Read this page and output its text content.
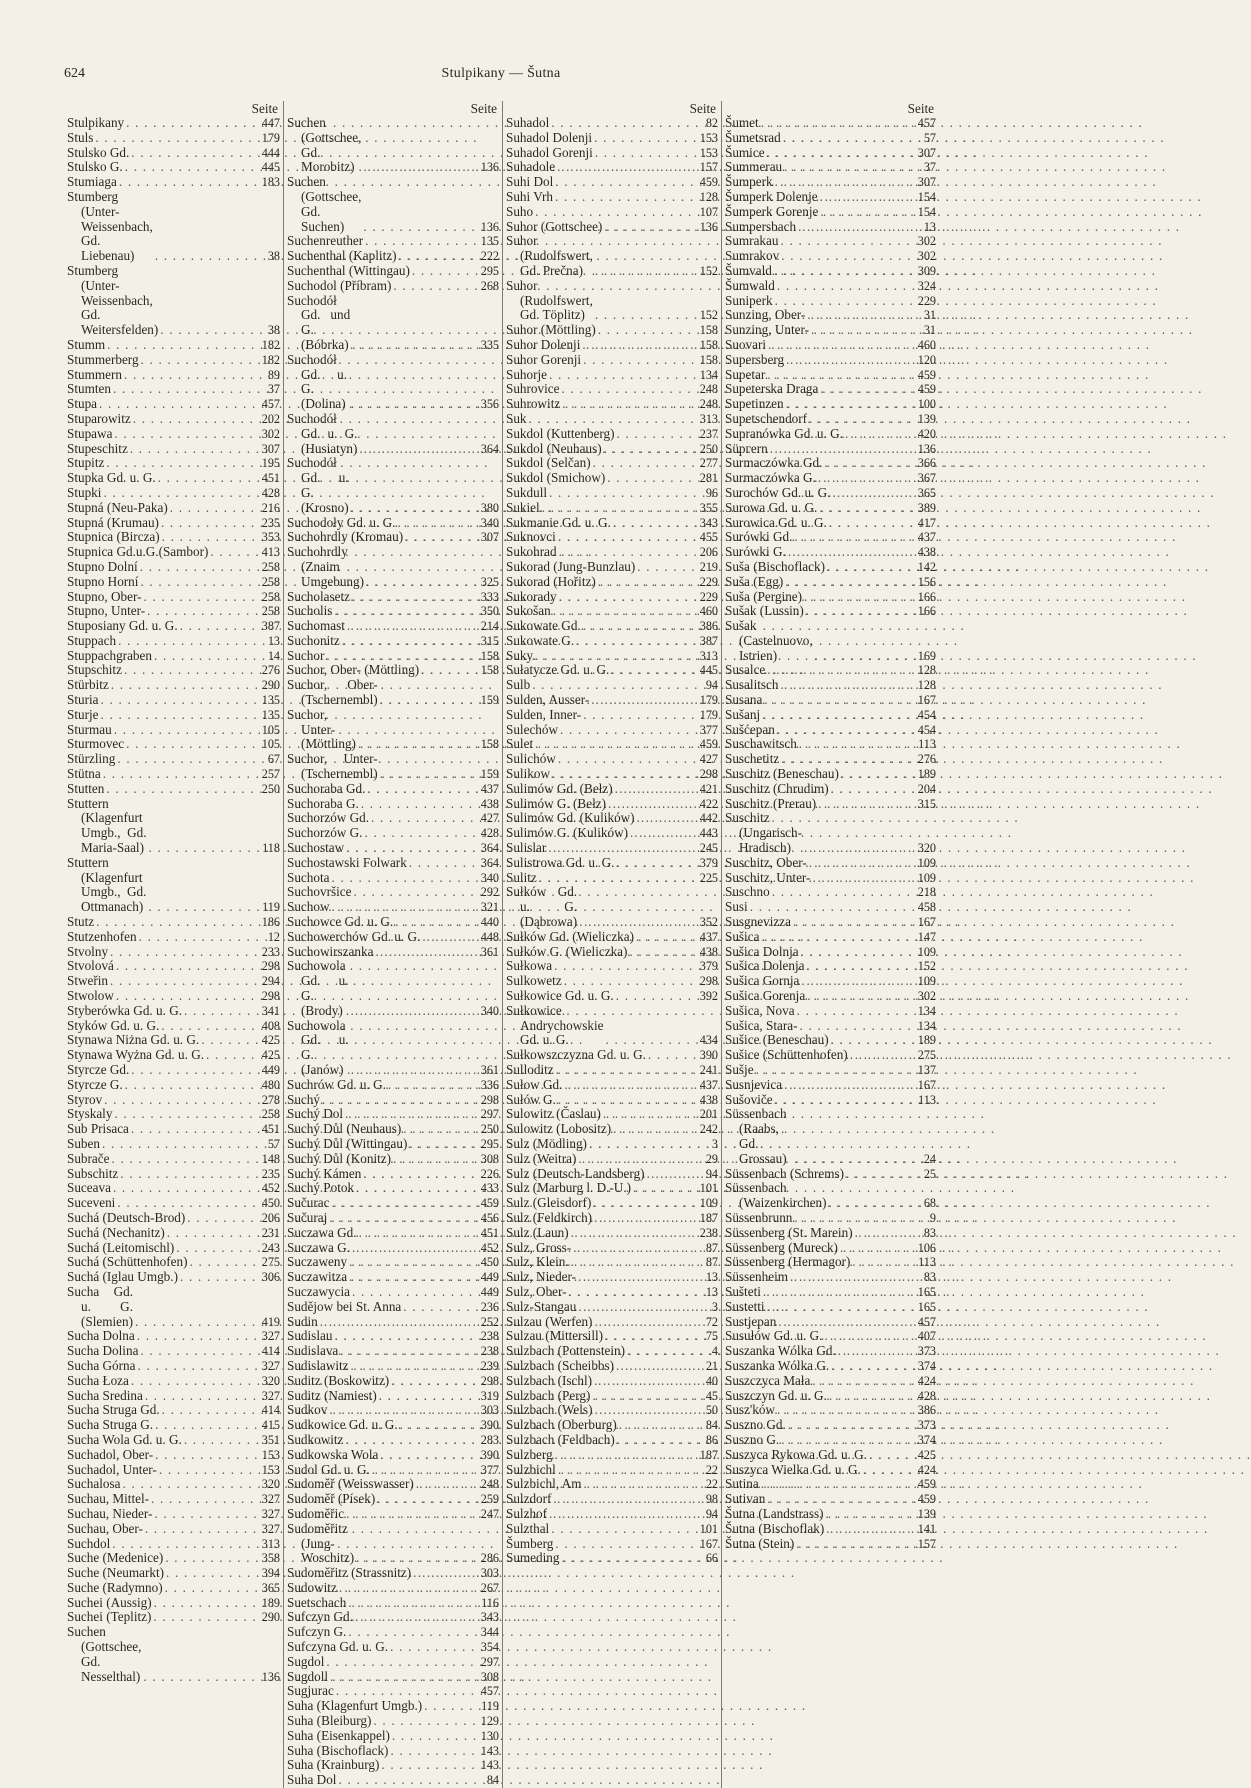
624	Stulpikany — Šutna
Seite
Stulpikany . . .	447
Stuls . . .	179
Stulsko Gd. . . .	444
Stulsko G. . . .	445
Stumiaga . . .	183
Stumberg (Unter-Weissenbach, Gd. Liebenau) . . .	38
Stumberg (Unter-Weissenbach, Gd. Weitersfelden) . . .	38
Stumm . . .	182
Stummerberg . . .	182
Stummern . . .	89
Stumten . . .	37
Stupa . . .	457
Stuparowitz . . .	202
Stupawa . . .	302
Stupeschitz . . .	307
Stupitz . . .	195
Stupka Gd. u. G. . . .	451
Stupki . . .	428
Stupná (Neu-Paka) . . .	216
Stupná (Krumau) . . .	235
Stupnica (Bircza) . . .	353
Stupnica Gd.u.G.(Sambor) . . .	413
Stupno Dolní . . .	258
Stupno Horní . . .	258
Stupno, Ober- . . .	258
Stupno, Unter- . . .	258
Stuposiany Gd. u. G. . . .	387
Stuppach . . .	13
Stuppachgraben . . .	14
Stupschitz . . .	276
Stürbitz . . .	290
Sturia . . .	135
Sturje . . .	135
Sturmau . . .	105
Sturmovec . . .	105
Stürzling . . .	67
Stütna . . .	257
Stutten . . .	250
Stuttern (Klagenfurt Umgb., Gd. Maria-Saal) . . .	118
Stuttern (Klagenfurt Umgb., Gd. Ottmanach) . . .	119
Stutz . . .	186
Stutzenhofen . . .	12
Stvolny . . .	233
Stvolová . . .	298
Stweřin . . .	294
Stwolow . . .	298
Styberówka Gd. u. G. . . .	341
Styków Gd. u. G. . . .	408
Stynawa Niżna Gd. u. G. . . .	425
Stynawa Wyżna Gd. u. G. . . .	425
Styrcze Gd. . . .	449
Styrcze G. . . .	480
Styrov . . .	278
Styskaly . . .	258
Sub Prisaca . . .	451
Suben . . .	57
Subrače . . .	148
Subschitz . . .	235
Suceava . . .	452
Suceveni . . .	450
Suchá (Deutsch-Brod) . . .	206
Suchá (Nechanitz) . . .	231
Suchá (Leitomischl) . . .	243
Suchá (Schüttenhofen) . . .	275
Suchá (Iglau Umgb.) . . .	306
Sucha Gd. u. G. (Slemien) . . .	419
Sucha Dolna . . .	327
Sucha Dolina . . .	414
Sucha Górna . . .	327
Sucha Łoza . . .	320
Sucha Sredina . . .	327
Sucha Struga Gd. . . .	414
Sucha Struga G. . . .	415
Sucha Wola Gd. u. G. . . .	351
Suchadol, Ober- . . .	153
Suchadol, Unter- . . .	153
Suchalosa . . .	320
Suchau, Mittel- . . .	327
Suchau, Nieder- . . .	327
Suchau, Ober- . . .	327
Suchdol . . .	313
Suche (Medenice) . . .	358
Suche (Neumarkt) . . .	394
Suche (Radymno) . . .	365
Suchei (Aussig) . . .	189
Suchei (Teplitz) . . .	290
Suchen (Gottschee, Gd. Nesselthal) . . .	136
Seite
Suchen (Gottschee, Gd. Morobitz) . . .	136
Suchen (Gottschee, Gd. Suchen) . . .	136
Suchenreuther . . .	135
Suchenthal (Kaplitz) . . .	222
Suchenthal (Wittingau) . . .	295
Suchodol (Příbram) . . .	268
Suchodół Gd. und G. (Bóbrka) . . .	335
Suchodół Gd. u. G. (Dolina) . . .	356
Suchodół Gd. u. G. (Husiatyn) . . .	364
Suchodół Gd. u. G. (Krosno) . . .	380
Suchodoły Gd. u. G. . . .	340
Suchohrdly (Kromau) . . .	307
Suchohrdly (Znaim Umgebung) . . .	325
Sucholasetz . . .	333
Sucholis . . .	350
Suchomast . . .	214
Suchonitz . . .	315
Suchor . . .	158
Suchor, Ober- (Möttling) . . .	158
Suchor, Ober- (Tschernembl) . . .	159
Suchor, Unter- (Möttling) . . .	158
Suchor, Unter- (Tschernembl) . . .	159
Suchoraba Gd. . . .	437
Suchoraba G. . . .	438
Suchorzów Gd. . . .	427
Suchorzów G. . . .	428
Suchostaw . . .	364
Suchostawski Folwark . . .	364
Suchota . . .	340
Suchovršice . . .	292
Suchow . . .	321
Suchowce Gd. u. G. . . .	440
Suchowerchów Gd. u. G. . . .	448
Suchowirszanka . . .	361
Suchowola Gd. u. G. (Brody) . . .	340
Suchowola Gd. u. G. (Janów) . . .	361
Suchrów Gd. u. G. . . .	336
Suchý . . .	298
Suchý Dol . . .	297
Suchý Důl (Neuhaus) . . .	250
Suchý Důl (Wittingau) . . .	295
Suchý Důl (Konitz) . . .	308
Suchý Kámen . . .	226
Suchý Potok . . .	433
Sučurac . . .	459
Sučuraj . . .	456
Suczawa Gd. . . .	451
Suczawa G. . . .	452
Suczaweny . . .	450
Suczawitza . . .	449
Suczawycia . . .	449
Sudějow bei St. Anna . . .	236
Sudin . . .	252
Sudislau . . .	238
Sudislava . . .	238
Sudislawitz . . .	239
Suditz (Boskowitz) . . .	298
Suditz (Namiest) . . .	319
Sudkov . . .	303
Sudkowice Gd. u. G. . . .	390
Sudkowitz . . .	283
Sudkowska Wola . . .	390
Sudol Gd. u. G. . . .	377
Sudoměř (Weisswasser) . . .	248
Sudoměř (Písek) . . .	259
Sudoměřic . . .	247
Sudoměřitz (Jung-Woschitz) . . .	286
Sudoměřitz (Strassnitz) . . .	303
Sudowitz . . .	267
Suetschach . . .	116
Sufczyn Gd. . . .	343
Sufczyn G. . . .	344
Sufczyna Gd. u. G. . . .	354
Sugdol . . .	297
Sugdoll . . .	308
Sugjurac . . .	457
Suha (Klagenfurt Umgb.) . . .	119
Suha (Bleiburg) . . .	129
Suha (Eisenkappel) . . .	130
Suha (Bischoflack) . . .	143
Suha (Krainburg) . . .	143
Suha Dol . . .	84
Seite
Suhadol . . .	82
Suhadol Dolenji . . .	153
Suhadol Gorenji . . .	153
Suhadole . . .	157
Suhi Dol . . .	459
Suhi Vrh . . .	128
Suho . . .	107
Suhor (Gottschee) . . .	136
Suhor (Rudolfswert, Gd. Prečna) . . .	152
Suhor (Rudolfswert, Gd. Töplitz) . . .	152
Suhor (Möttling) . . .	158
Suhor Dolenji . . .	158
Suhor Gorenji . . .	158
Suhorje . . .	134
Suhrovice . . .	248
Suhrowitz . . .	248
Suk . . .	313
Sukdol (Kuttenberg) . . .	237
Sukdol (Neuhaus) . . .	250
Sukdol (Selčan) . . .	277
Sukdol (Smichow) . . .	281
Sukdull . . .	96
Sukiel . . .	355
Sukmanie Gd. u. G. . . .	343
Suknovci . . .	455
Sukohrad . . .	206
Sukorad (Jung-Bunzlau) . . .	219
Sukorad (Hořitz) . . .	229
Sukorady . . .	229
Sukošan . . .	460
Sukowate Gd. . . .	386
Sukowate G. . . .	387
Suky . . .	313
Sułatycze Gd. u. G. . . .	445
Sulb . . .	94
Sulden, Ausser- . . .	179
Sulden, Inner- . . .	179
Sulechów . . .	377
Sulet . . .	459
Sulichów . . .	427
Sulikow . . .	298
Sulimów Gd. (Bełz) . . .	421
Sulimów G. (Bełz) . . .	422
Sulimów Gd. (Kulików) . . .	442
Sulimów G. (Kulików) . . .	443
Sulislar . . .	245
Sulistrowa Gd. u. G. . . .	379
Sulitz . . .	225
Sułków Gd. u. G. (Dąbrowa) . . .	352
Sułków Gd. (Wieliczka) . . .	437
Sułków G. (Wieliczka) . . .	438
Sułkowa . . .	379
Sulkowetz . . .	298
Sułkowice Gd. u. G. . . .	392
Sułkowice Andrychowskie Gd. u. G. . . .	434
Sułkowszczyzna Gd. u. G. . . .	390
Sulloditz . . .	241
Sułow Gd. . . .	437
Sułów G. . . .	438
Sulowitz (Časlau) . . .	201
Sulowitz (Lobositz) . . .	242
Sulz (Mödling) . . .	3
Sulz (Weitra) . . .	29
Sulz (Deutsch-Landsberg) . . .	94
Sulz (Marburg l. D.-U.) . . .	101
Sulz (Gleisdorf) . . .	109
Sulz (Feldkirch) . . .	187
Sulz (Laun) . . .	238
Sulz, Gross- . . .	87
Sulz, Klein. . . .	87
Sulz, Nieder- . . .	13
Sulz, Ober- . . .	13
Sulz-Stangau . . .	3
Sulzau (Werfen) . . .	72
Sulzau (Mittersill) . . .	75
Sulzbach (Pottenstein) . . .	4
Sulzbach (Scheibbs) . . .	21
Sulzbach (Ischl) . . .	40
Sulzbach (Perg) . . .	45
Sulzbach (Wels) . . .	50
Sulzbach (Oberburg) . . .	84
Sulzbach (Feldbach) . . .	86
Sulzberg . . .	187
Sulzbichl . . .	22
Sulzbichl, Am . . .	22
Sulzdorf . . .	98
Sulzhof . . .	94
Sulzthal . . .	101
Šumberg . . .	167
Sumeding . . .	66
Seite
Šumet . . .	457
Šumetsrad . . .	57
Šumice . . .	307
Summerau . . .	37
Šumperk . . .	307
Šumperk Dolenje . . .	154
Šumperk Gorenje . . .	154
Sumpersbach . . .	13
Sumrakau . . .	302
Sumrakov . . .	302
Šumvald . . .	309
Šumwald . . .	324
Suniperk . . .	229
Sunzing, Ober- . . .	31
Sunzing, Unter- . . .	31
Suovari . . .	460
Supersberg . . .	120
Supetar . . .	459
Supeterska Draga . . .	459
Supetinzen . . .	100
Supetschendorf . . .	139
Supranówka Gd. u. G. . . .	420
Süргern . . .	136
Surmaczówka Gd. . . .	366
Surmaczówka G. . . .	367
Surochów Gd. u. G. . . .	365
Surowa Gd. u. G. . . .	389
Surowica Gd. u. G. . . .	417
Surówki Gd. . . .	437
Surówki G. . . .	438
Suša (Bischoflack) . . .	142
Suša (Egg) . . .	156
Suša (Pergine) . . .	166
Sušak (Lussin) . . .	166
Sušak (Castelnuovo, Istrien) . . .	169
Susalce . . .	128
Susalitsch . . .	128
Susana . . .	167
Sušanj . . .	454
Sušćepan . . .	454
Suschawitsch . . .	113
Suschetitz . . .	276
Suschitz (Beneschau) . . .	189
Suschitz (Chrudim) . . .	204
Suschitz (Prerau) . . .	315
Suschitz (Ungarisch-Hradisch) . . .	320
Suschitz, Ober- . . .	109
Suschitz, Unter- . . .	109
Suschno . . .	218
Susi . . .	458
Susgnevizza . . .	167
Sušica . . .	147
Sušica Dolnja . . .	109
Sušica Dolenja . . .	152
Sušica Gornja . . .	109
Sušica Gorenja . . .	302
Sušica, Nova . . .	134
Sušica, Stara- . . .	134
Sušice (Beneschau) . . .	189
Sušice (Schüttenhofen) . . .	275
Sušje . . .	137
Susnjevica . . .	167
Sušoviče . . .	113
Süssenbach (Raabs, Gd. Grossau) . . .	24
Süssenbach (Schrems) . . .	25
Süssenbach (Waizenkirchen) . . .	68
Süssenbrunn . . .	9
Süssenberg (St. Marein) . . .	83
Süssenberg (Mureck) . . .	106
Süssenberg (Hermagor) . . .	113
Süssenheim . . .	83
Sušteti . . .	165
Sustetti . . .	165
Sustjepan . . .	457
Susułów Gd. u. G. . . .	407
Suszanka Wólka Gd. . . .	373
Suszanka Wólka G. . . .	374
Suszczyca Mała . . .	424
Suszczyn Gd. u. G. . . .	428
Susz'ków . . .	386
Suszno Gd. . . .	373
Suszno G. . . .	374
Suszyca Rykowa Gd. u. G. . . .	425
Suszyca Wielka Gd. u. G. . . .	424
Sutina . . .	459
Sutivan . . .	459
Šutna (Landstrass) . . .	139
Šutna (Bischoflak) . . .	141
Šutna (Stein) . . .	157
